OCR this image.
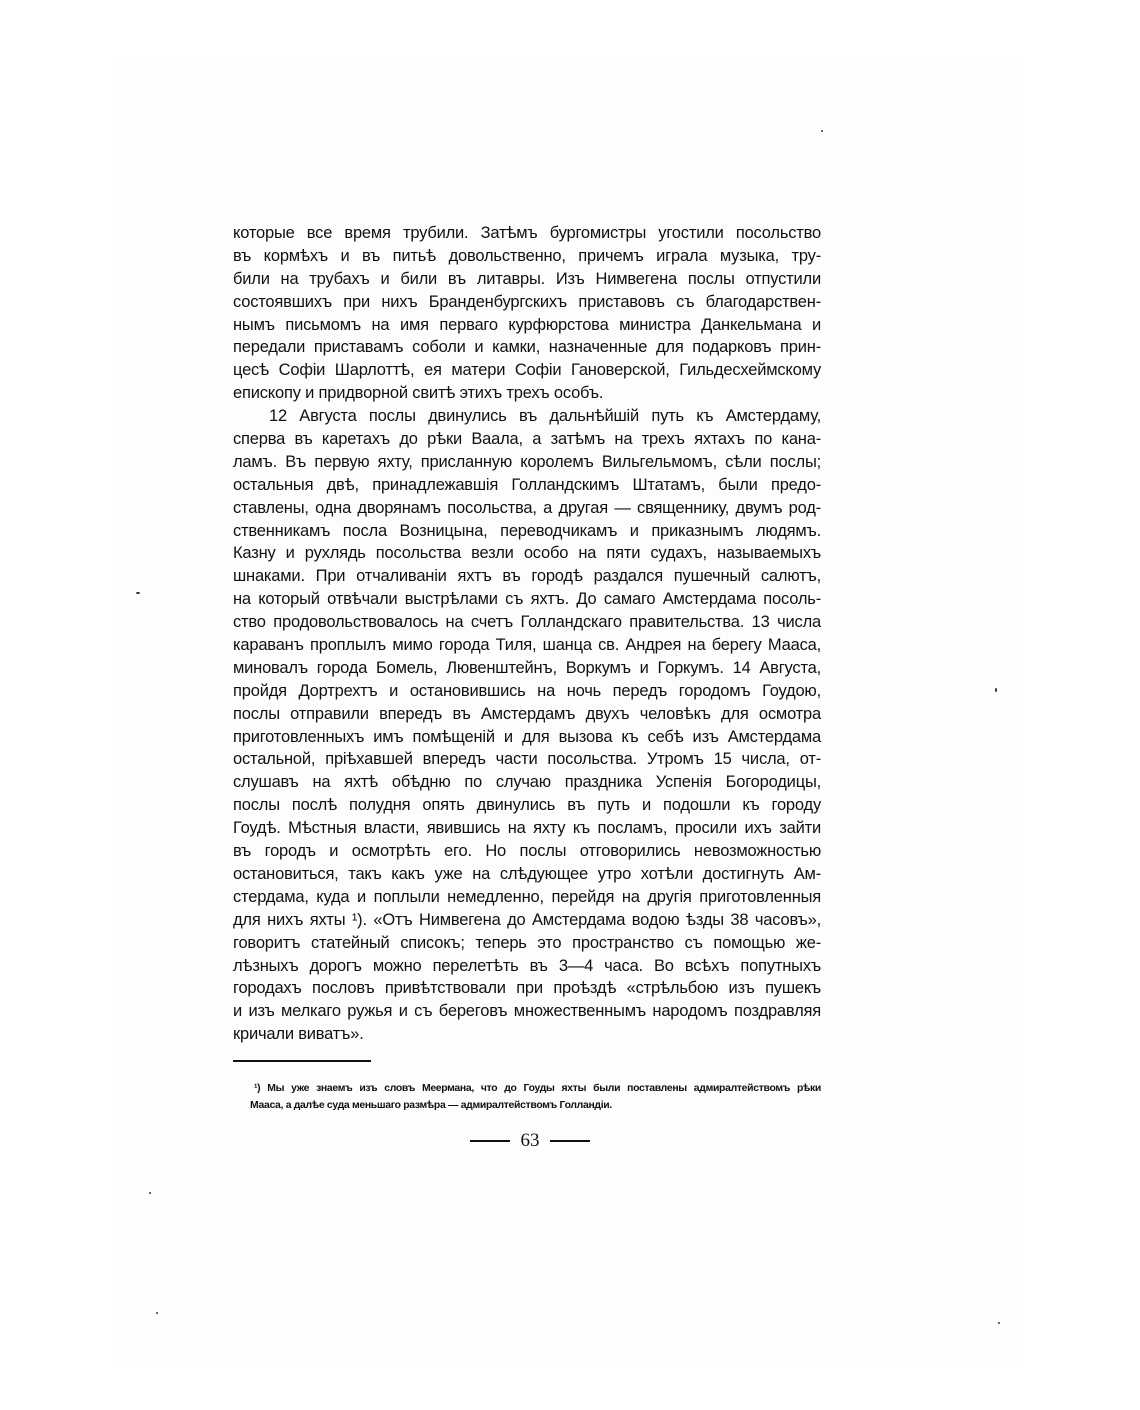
которые все время трубили. Затѣмъ бургомистры угостили посольство
въ кормѣхъ и въ питьѣ довольственно, причемъ играла музыка, тру-
били на трубахъ и били въ литавры. Изъ Нимвегена послы отпустили
состоявшихъ при нихъ Бранденбургскихъ приставовъ съ благодарствен-
нымъ письмомъ на имя перваго курфюрстова министра Данкельмана и
передали приставамъ соболи и камки, назначенные для подарковъ прин-
цесѣ Софіи Шарлоттѣ, ея матери Софіи Гановерской, Гильдесхеймскому
епископу и придворной свитѣ этихъ трехъ особъ.
12 Августа послы двинулись въ дальнѣйшій путь къ Амстердаму,
сперва въ каретахъ до рѣки Ваала, а затѣмъ на трехъ яхтахъ по кана-
ламъ. Въ первую яхту, присланную королемъ Вильгельмомъ, сѣли послы;
остальныя двѣ, принадлежавшія Голландскимъ Штатамъ, были предо-
ставлены, одна дворянамъ посольства, а другая — священнику, двумъ род-
ственникамъ посла Возницына, переводчикамъ и приказнымъ людямъ.
Казну и рухлядь посольства везли особо на пяти судахъ, называемыхъ
шнаками. При отчаливаніи яхтъ въ городѣ раздался пушечный салютъ,
на который отвѣчали выстрѣлами съ яхтъ. До самаго Амстердама посоль-
ство продовольствовалось на счетъ Голландскаго правительства. 13 числа
караванъ проплылъ мимо города Тиля, шанца св. Андрея на берегу Мааса,
миновалъ города Бомель, Лювенштейнъ, Воркумъ и Горкумъ. 14 Августа,
пройдя Дортрехтъ и остановившись на ночь передъ городомъ Гоудою,
послы отправили впередъ въ Амстердамъ двухъ человѣкъ для осмотра
приготовленныхъ имъ помѣщеній и для вызова къ себѣ изъ Амстердама
остальной, пріѣхавшей впередъ части посольства. Утромъ 15 числа, от-
слушавъ на яхтѣ обѣдню по случаю праздника Успенія Богородицы,
послы послѣ полудня опять двинулись въ путь и подошли къ городу
Гоудѣ. Мѣстныя власти, явившись на яхту къ посламъ, просили ихъ зайти
въ городъ и осмотрѣть его. Но послы отговорились невозможностью
остановиться, такъ какъ уже на слѣдующее утро хотѣли достигнуть Ам-
стердама, куда и поплыли немедленно, перейдя на другія приготовленныя
для нихъ яхты ¹). «Отъ Нимвегена до Амстердама водою ѣзды 38 часовъ»,
говоритъ статейный списокъ; теперь это пространство съ помощью же-
лѣзныхъ дорогъ можно перелетѣть въ 3—4 часа. Во всѣхъ попутныхъ
городахъ пословъ привѣтствовали при проѣздѣ «стрѣльбою изъ пушекъ
и изъ мелкаго ружья и съ береговъ множественнымъ народомъ поздравляя
кричали виватъ».
¹) Мы уже знаемъ изъ словъ Меермана, что до Гоуды яхты были поставлены адмиралтействомъ рѣки
Мааса, а далѣе суда меньшаго размѣра — адмиралтействомъ Голландіи.
63
